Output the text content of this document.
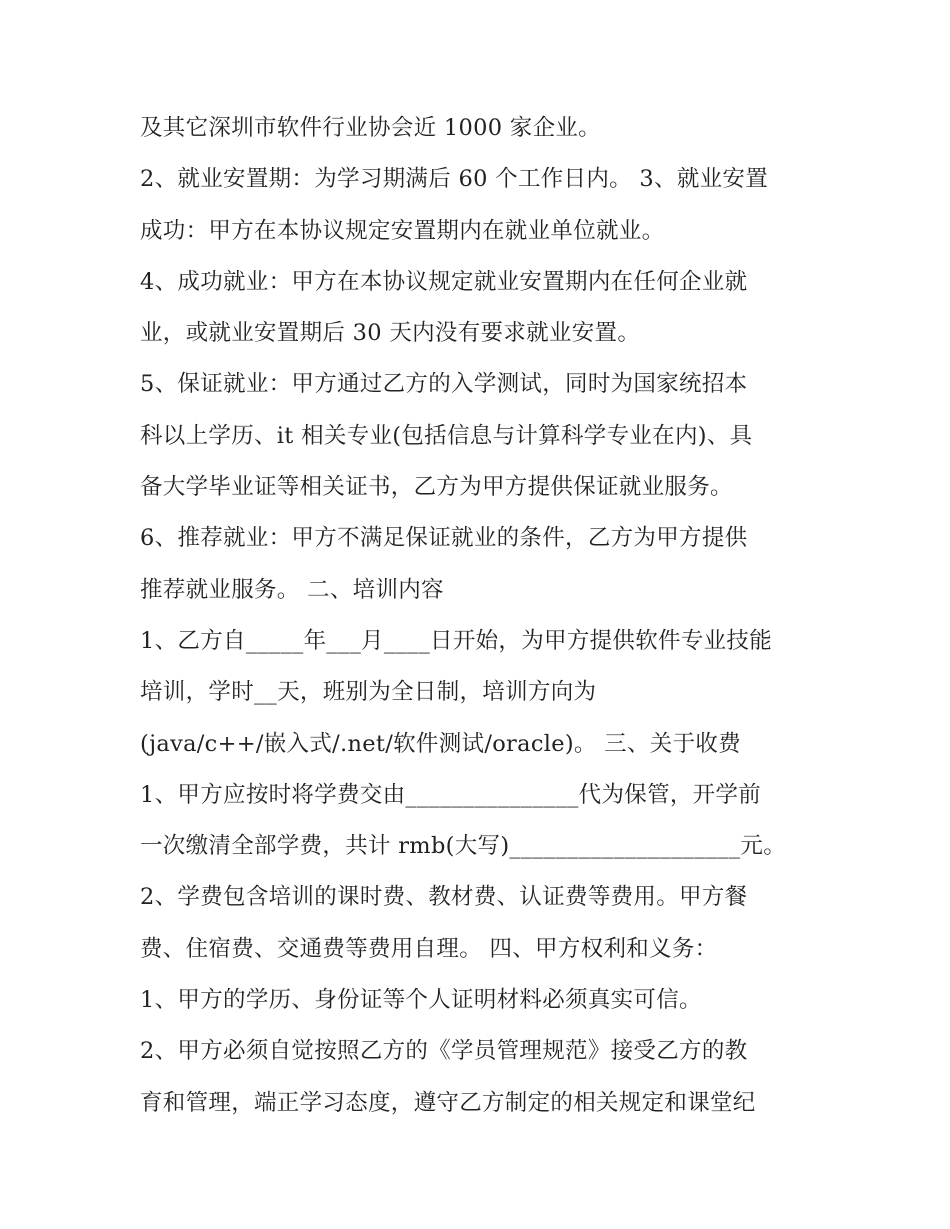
及其它深圳市软件行业协会近 1000 家企业。
2、就业安置期：为学习期满后 60 个工作日内。 3、就业安置
成功：甲方在本协议规定安置期内在就业单位就业。
4、成功就业：甲方在本协议规定就业安置期内在任何企业就
业，或就业安置期后 30 天内没有要求就业安置。
5、保证就业：甲方通过乙方的入学测试，同时为国家统招本
科以上学历、it 相关专业(包括信息与计算科学专业在内)、具
备大学毕业证等相关证书，乙方为甲方提供保证就业服务。
6、推荐就业：甲方不满足保证就业的条件，乙方为甲方提供
推荐就业服务。 二、培训内容
1、乙方自_____年___月____日开始，为甲方提供软件专业技能
培训，学时__天，班别为全日制，培训方向为
(java/c++/嵌入式/.net/软件测试/oracle)。 三、关于收费
1、甲方应按时将学费交由_______________代为保管，开学前
一次缴清全部学费，共计 rmb(大写)____________________元。
2、学费包含培训的课时费、教材费、认证费等费用。甲方餐
费、住宿费、交通费等费用自理。 四、甲方权利和义务：
1、甲方的学历、身份证等个人证明材料必须真实可信。
2、甲方必须自觉按照乙方的《学员管理规范》接受乙方的教
育和管理，端正学习态度，遵守乙方制定的相关规定和课堂纪
